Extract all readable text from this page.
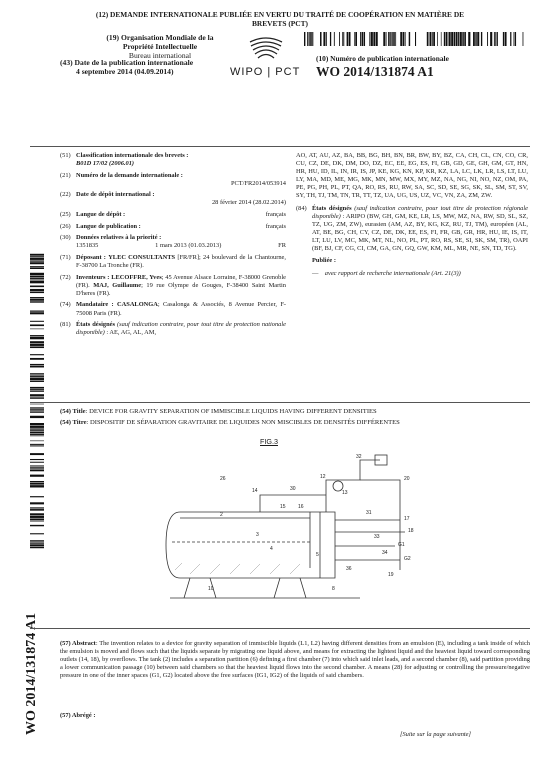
(12) DEMANDE INTERNATIONALE PUBLIÉE EN VERTU DU TRAITÉ DE COOPÉRATION EN MATIÈRE DE
BREVETS (PCT)
(19) Organisation Mondiale de la
Propriété Intellectuelle
Bureau international
(43) Date de la publication internationale
4 septembre 2014 (04.09.2014)	WIPO | PCT
(10) Numéro de publication internationale
WO 2014/131874 A1
(51) Classification internationale des brevets :
B01D 17/02 (2006.01)
(21) Numéro de la demande internationale :
PCT/FR2014/053914
(22) Date de dépôt international :
28 février 2014 (28.02.2014)
(25) Langue de dépôt :	français
(26) Langue de publication :	français
(30) Données relatives à la priorité :
1351835	1 mars 2013 (01.03.2013)	FR
(71) Déposant : YLEC CONSULTANTS [FR/FR]; 24 boulevard de la Chantourne, F-38700 La Tronche (FR).
(72) Inventeurs : LECOFFRE, Yves; 45 Avenue Alsace Lorraine, F-38000 Grenoble (FR). MAJ, Guillaume; 19 rue Olympe de Gouges, F-38400 Saint Martin D'heres (FR).
(74) Mandataire : CASALONGA; Casalonga & Associés, 8 Avenue Percier, F-75008 Paris (FR).
(81) États désignés (sauf indication contraire, pour tout titre de protection nationale disponible) : AE, AG, AL, AM,
AO, AT, AU, AZ, BA, BB, BG, BH, BN, BR, BW, BY, BZ, CA, CH, CL, CN, CO, CR, CU, CZ, DE, DK, DM, DO, DZ, EC, EE, EG, ES, FI, GB, GD, GE, GH, GM, GT, HN, HR, HU, ID, IL, IN, IR, IS, JP, KE, KG, KN, KP, KR, KZ, LA, LC, LK, LR, LS, LT, LU, LY, MA, MD, ME, MG, MK, MN, MW, MX, MY, MZ, NA, NG, NI, NO, NZ, OM, PA, PE, PG, PH, PL, PT, QA, RO, RS, RU, RW, SA, SC, SD, SE, SG, SK, SL, SM, ST, SV, SY, TH, TJ, TM, TN, TR, TT, TZ, UA, UG, US, UZ, VC, VN, ZA, ZM, ZW.
(84) États désignés (sauf indication contraire, pour tout titre de protection régionale disponible) : ARIPO (BW, GH, GM, KE, LR, LS, MW, MZ, NA, RW, SD, SL, SZ, TZ, UG, ZM, ZW), eurasien (AM, AZ, BY, KG, KZ, RU, TJ, TM), européen (AL, AT, BE, BG, CH, CY, CZ, DE, DK, EE, ES, FI, FR, GB, GR, HR, HU, IE, IS, IT, LT, LU, LV, MC, MK, MT, NL, NO, PL, PT, RO, RS, SE, SI, SK, SM, TR), OAPI (BF, BJ, CF, CG, CI, CM, GA, GN, GQ, GW, KM, ML, MR, NE, SN, TD, TG).
Publiée :
—    avec rapport de recherche internationale (Art. 21(3))
WO 2014/131874 A1
(54) Title: DEVICE FOR GRAVITY SEPARATION OF IMMISCIBLE LIQUIDS HAVING DIFFERENT DENSITIES
(54) Titre: DISPOSITIF DE SÉPARATION GRAVITAIRE DE LIQUIDES NON MISCIBLES DE DENSITÉS DIFFÉRENTES
FIG.3
32
12
13
14
15 16
17
18
G1
G2
2
3
4
5
8
10
19
20
26
30
31
33
34
36
(57) Abstract: The invention relates to a device for gravity separation of immiscible liquids (L1, L2) having different densities from an emulsion (E), including a tank inside of which the emulsion is moved and flows such that the liquids separate by migrating one liquid above, and means for extracting the lightest liquid and the heaviest liquid toward corresponding outlets (14, 18), by overflows. The tank (2) includes a separation partition (6) defining a first chamber (7) into which said inlet leads, and a second chamber (8), said partition providing a lower communication passage (10) between said chambers so that the heaviest liquid flows into the second chamber. A means (28) for adjusting or controlling the pressure/negative pressure in one of the inner spaces (G1, G2) located above the free surfaces (IG1, IG2) of the liquids of said chambers.
(57) Abrégé :
[Suite sur la page suivante]
